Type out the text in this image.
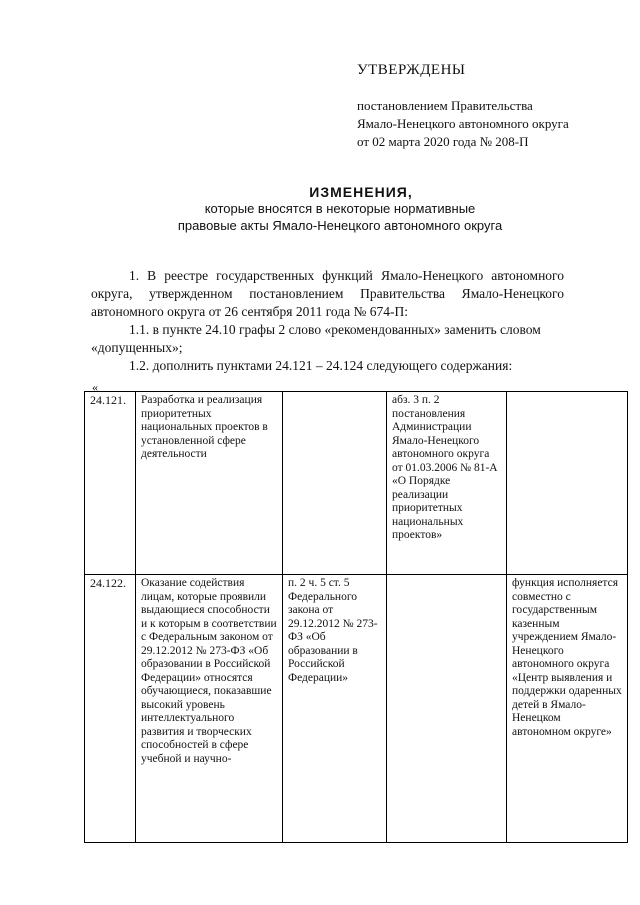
УТВЕРЖДЕНЫ
постановлением Правительства
Ямало-Ненецкого автономного округа
от 02 марта 2020 года № 208-П
ИЗМЕНЕНИЯ,
которые вносятся в некоторые нормативные
правовые акты Ямало-Ненецкого автономного округа
1. В реестре государственных функций Ямало-Ненецкого автономного округа, утвержденном постановлением Правительства Ямало-Ненецкого автономного округа от 26 сентября 2011 года № 674-П:
1.1. в пункте 24.10 графы 2 слово «рекомендованных» заменить словом «допущенных»;
1.2. дополнить пунктами 24.121 – 24.124 следующего содержания:
«
24.121.	Разработка и реализация приоритетных национальных проектов в установленной сфере деятельности		абз. 3 п. 2 постановления Администрации Ямало-Ненецкого автономного округа от 01.03.2006 № 81-А «О Порядке реализации приоритетных национальных проектов»	
24.122.	Оказание содействия лицам, которые проявили выдающиеся способности и к которым в соответствии с Федеральным законом от 29.12.2012 № 273-ФЗ «Об образовании в Российской Федерации» относятся обучающиеся, показавшие высокий уровень интеллектуального развития и творческих способностей в сфере учебной и научно-	п. 2 ч. 5 ст. 5 Федерального закона от 29.12.2012 № 273-ФЗ «Об образовании в Российской Федерации»		функция исполняется совместно с государственным казенным учреждением Ямало-Ненецкого автономного округа «Центр выявления и поддержки одаренных детей в Ямало-Ненецком автономном округе»
